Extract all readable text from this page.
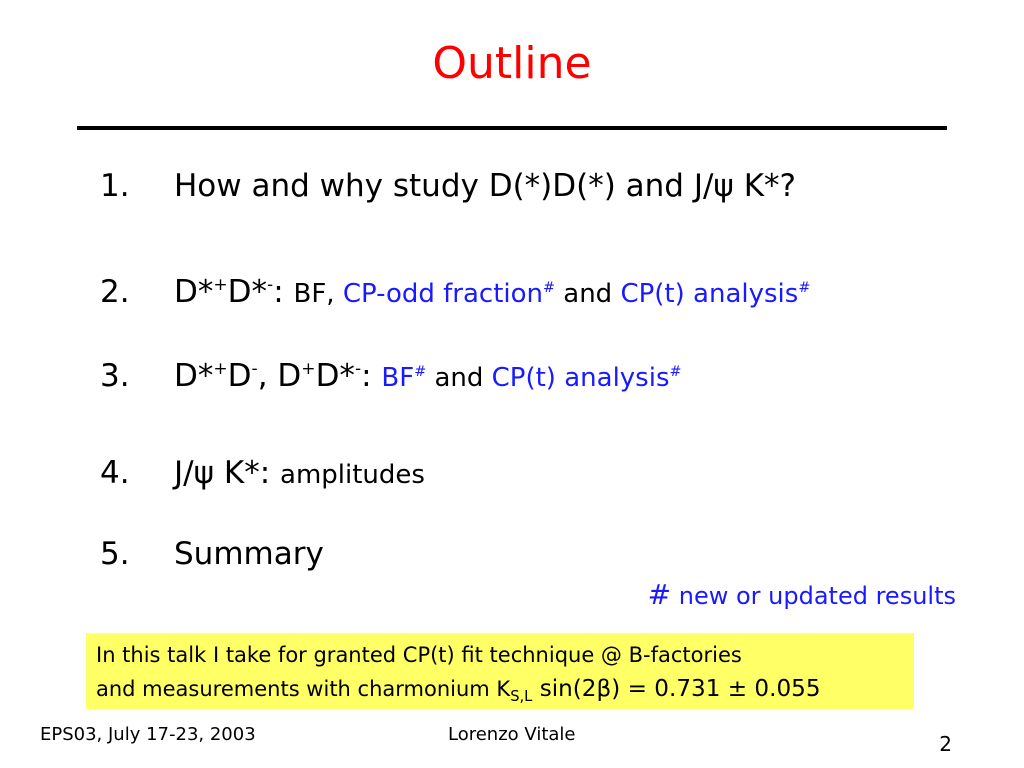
Outline
1. How and why study D(*)D(*) and J/ψ K*?
2. D*+D*-: BF, CP-odd fraction# and CP(t) analysis#
3. D*+D-, D+D*-: BF# and CP(t) analysis#
4. J/ψ K*: amplitudes
5. Summary
# new or updated results
In this talk I take for granted CP(t) fit technique @ B-factories
and measurements with charmonium $K_{S,L}$ sin(2β) = 0.731 ± 0.055
EPS03, July 17-23, 2003	Lorenzo Vitale	2
